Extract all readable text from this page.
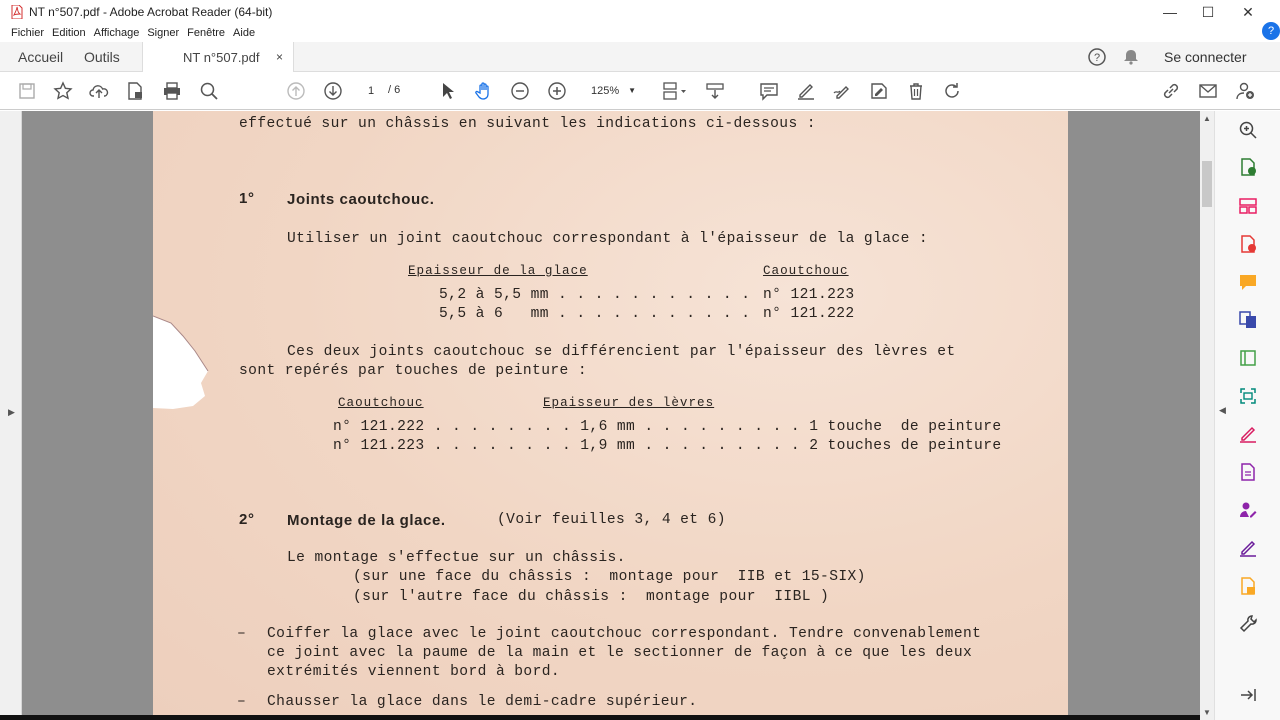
NT n°507.pdf - Adobe Acrobat Reader (64-bit)	—	☐	✕
Fichier Edition Affichage Signer Fenêtre Aide	?
Accueil Outils	NT n°507.pdf ×	?	Se connecter
1	/ 6	125% ▼
▶
effectué sur un châssis en suivant les indications ci-dessous :
1° Joints caoutchouc.
Utiliser un joint caoutchouc correspondant à l'épaisseur de la glace :
Epaisseur de la glace	Caoutchouc
5,2 à 5,5 mm . . . . . . . . . . . n° 121.223
5,5 à 6   mm . . . . . . . . . . . n° 121.222
Ces deux joints caoutchouc se différencient par l'épaisseur des lèvres et
sont repérés par touches de peinture :
Caoutchouc	Epaisseur des lèvres
n° 121.222 . . . . . . . . 1,6 mm . . . . . . . . . 1 touche  de peinture
n° 121.223 . . . . . . . . 1,9 mm . . . . . . . . . 2 touches de peinture
2° Montage de la glace.	(Voir feuilles 3, 4 et 6)
Le montage s'effectue sur un châssis.
(sur une face du châssis :  montage pour  IIB et 15-SIX)
(sur l'autre face du châssis :  montage pour  IIBL )
– Coiffer la glace avec le joint caoutchouc correspondant. Tendre convenablement
ce joint avec la paume de la main et le sectionner de façon à ce que les deux
extrémités viennent bord à bord.
– Chausser la glace dans le demi-cadre supérieur.
▲
▼
◀
